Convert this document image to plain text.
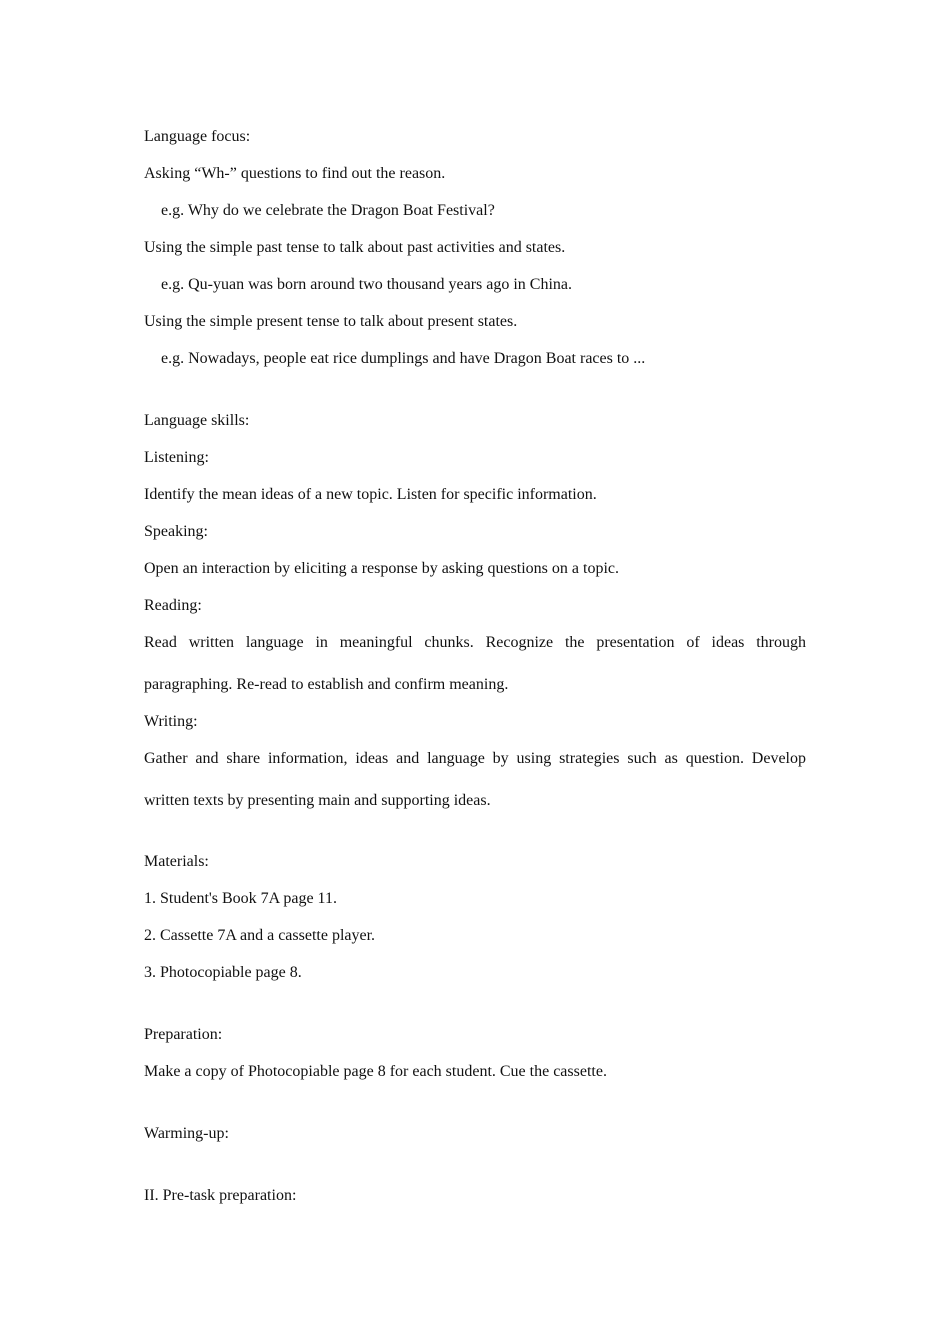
Language focus:
Asking “Wh-” questions to find out the reason.
e.g. Why do we celebrate the Dragon Boat Festival?
Using the simple past tense to talk about past activities and states.
e.g. Qu-yuan was born around two thousand years ago in China.
Using the simple present tense to talk about present states.
e.g. Nowadays, people eat rice dumplings and have Dragon Boat races to ...
Language skills:
Listening:
Identify the mean ideas of a new topic. Listen for specific information.
Speaking:
Open an interaction by eliciting a response by asking questions on a topic.
Reading:
Read written language in meaningful chunks. Recognize the presentation of ideas through
paragraphing. Re-read to establish and confirm meaning.
Writing:
Gather and share information, ideas and language by using strategies such as question. Develop
written texts by presenting main and supporting ideas.
Materials:
1. Student's Book 7A page 11.
2. Cassette 7A and a cassette player.
3. Photocopiable page 8.
Preparation:
Make a copy of Photocopiable page 8 for each student. Cue the cassette.
Warming-up:
II. Pre-task preparation:
